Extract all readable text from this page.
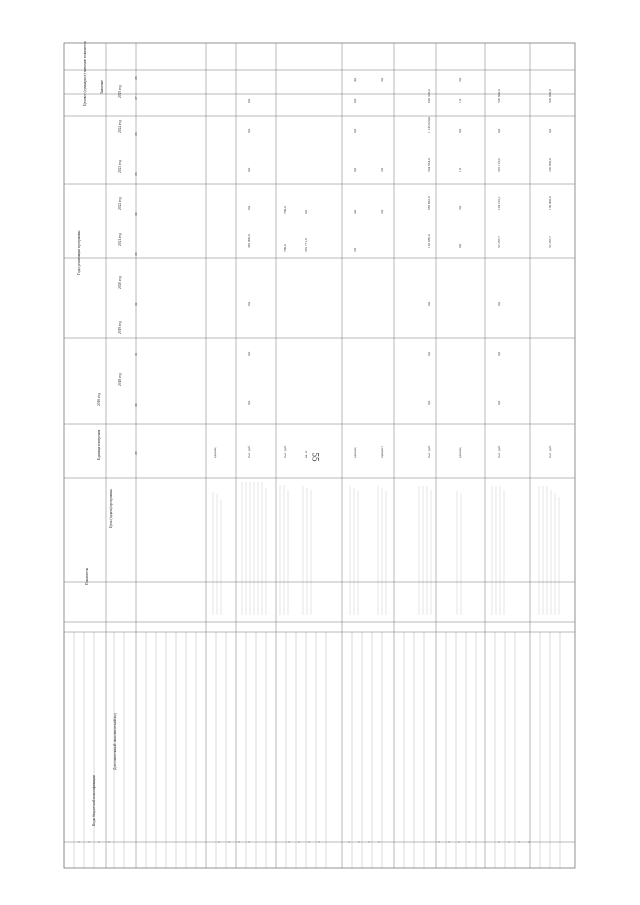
55
Коды бюджетной классификации
Дополнительный экономический код
Показатель
Цель (задача) программы
Единица измерения
2016 год
Годы реализации программы
Целевое (суммарное) значение показателя	Значение
2018 год
2019 год
2020 год
2021 год
2022 год
2023 год
2024 год
2025 год
29
30
31
32
33
34
35
36
37
38
единиц	тыс. руб.
0,0
0,0
0,0
345 006,0
0,0
0,0
0,0
0,0
тыс. руб.
700,0
700,0
кв. м
295 771,0
0,0
единиц
3,0
4,0
0,0
0,0
0,0
4,0
процент
3,0
3,0
3,0
тыс. руб.
0,0
0,0
0,0
120 686,0
683 602,0
564 564,0
1 145 024,0
620 328,4
единиц
0,0
3,0
1,0
0,0
1,0
3,0
тыс. руб.
0,0
0,0
0,0
52 287,7
194 216,1
316 118,0
0,0
526 600,0
тыс. руб.
52 287,7
150 000,0
226 900,0
0,0
526 600,0
